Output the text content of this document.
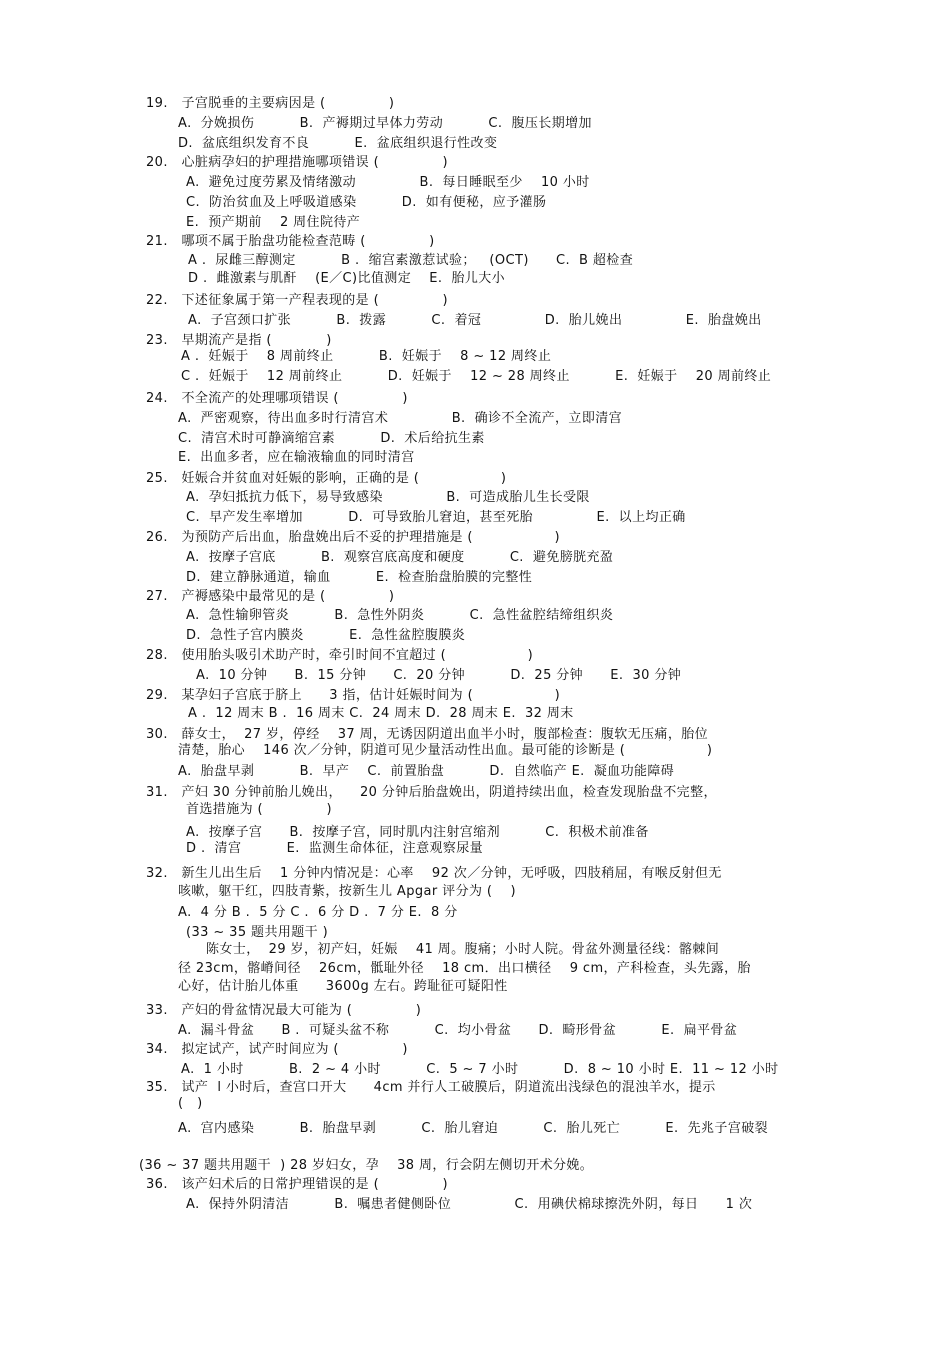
19.   子宫脱垂的主要病因是 (              )
A.  分娩损伤          B.  产褥期过早体力劳动          C.  腹压长期增加
D.  盆底组织发育不良          E.  盆底组织退行性改变
20.   心脏病孕妇的护理措施哪项错误 (              )
A.  避免过度劳累及情绪激动              B.  每日睡眠至少    10 小时
C.  防治贫血及上呼吸道感染          D.  如有便秘，应予灌肠
E.  预产期前    2 周住院待产
21.   哪项不属于胎盘功能检查范畴 (              )
A .  尿雌三醇测定          B .  缩宫素激惹试验；   (OCT)      C.  B 超检查
D .  雌激素与肌酐    (E／C)比值测定    E.  胎儿大小
22.   下述征象属于第一产程表现的是 (              )
A.  子宫颈口扩张          B.  拨露          C.  着冠              D.  胎儿娩出              E.  胎盘娩出
23.   早期流产是指 (            )
A .  妊娠于    8 周前终止          B.  妊娠于    8 ~ 12 周终止
C .  妊娠于    12 周前终止          D.  妊娠于    12 ~ 28 周终止          E.  妊娠于    20 周前终止
24.   不全流产的处理哪项错误 (              )
A.  严密观察，待出血多时行清宫术              B.  确诊不全流产，立即清宫
C.  清宫术时可静滴缩宫素          D.  术后给抗生素
E.  出血多者，应在输液输血的同时清宫
25.   妊娠合并贫血对妊娠的影响，正确的是 (                  )
A.  孕妇抵抗力低下，易导致感染              B.  可造成胎儿生长受限
C.  早产发生率增加          D.  可导致胎儿窘迫，甚至死胎              E.  以上均正确
26.   为预防产后出血，胎盘娩出后不妥的护理措施是 (                  )
A.  按摩子宫底          B.  观察宫底高度和硬度          C.  避免膀胱充盈
D.  建立静脉通道，输血          E.  检查胎盘胎膜的完整性
27.   产褥感染中最常见的是 (              )
A.  急性输卵管炎          B.  急性外阴炎          C.  急性盆腔结缔组织炎
D.  急性子宫内膜炎          E.  急性盆腔腹膜炎
28.   使用胎头吸引术助产时，牵引时间不宜超过 (                  )
A.  10 分钟      B.  15 分钟      C.  20 分钟          D.  25 分钟      E.  30 分钟
29.   某孕妇子宫底于脐上      3 指，估计妊娠时间为 (                  )
A .  12 周末 B .  16 周末 C.  24 周末 D.  28 周末 E.  32 周末
30.   薛女士，  27 岁，停经    37 周，无诱因阴道出血半小时，腹部检查：腹软无压痛，胎位
清楚，胎心    146 次／分钟，阴道可见少量活动性出血。最可能的诊断是 (                  )
A.  胎盘早剥          B.  早产    C.  前置胎盘          D.  自然临产 E.  凝血功能障碍
31.   产妇 30 分钟前胎儿娩出，    20 分钟后胎盘娩出，阴道持续出血，检查发现胎盘不完整，
首选措施为 (              )
A.  按摩子宫      B.  按摩子宫，同时肌内注射宫缩剂          C.  积极术前准备
D .  清宫          E.  监测生命体征，注意观察尿量
32.   新生儿出生后    1 分钟内情况是：心率    92 次／分钟，无呼吸，四肢稍屈，有喉反射但无
咳嗽，躯干红，四肢青紫，按新生儿 Apgar 评分为 (    )
A.  4 分 B .  5 分 C .  6 分 D .  7 分 E.  8 分
(33 ~ 35 题共用题干 )
陈女士，  29 岁，初产妇，妊娠    41 周。腹痛；小时人院。骨盆外测量径线：髂棘间
径 23cm，髂嵴间径    26cm，骶耻外径    18 cm．出口横径    9 cm，产科检查，头先露，胎
心好，估计胎儿体重      3600g 左右。跨耻征可疑阳性
33.   产妇的骨盆情况最大可能为 (              )
A.  漏斗骨盆      B .  可疑头盆不称          C.  均小骨盆      D.  畸形骨盆          E.  扁平骨盆
34.   拟定试产，试产时间应为 (              )
A.  1 小时          B.  2 ~ 4 小时          C.  5 ~ 7 小时          D.  8 ~ 10 小时 E.  11 ~ 12 小时
35.   试产  l 小时后，查宫口开大      4cm 并行人工破膜后，阴道流出浅绿色的混浊羊水，提示
(   )
A.  宫内感染          B.  胎盘早剥          C.  胎儿窘迫          C.  胎儿死亡          E.  先兆子宫破裂
(36 ~ 37 题共用题干  ) 28 岁妇女，孕    38 周，行会阴左侧切开术分娩。
36.   该产妇术后的日常护理错误的是 (              )
A.  保持外阴清洁          B.  嘱患者健侧卧位              C.  用碘伏棉球擦洗外阴，每日      1 次
